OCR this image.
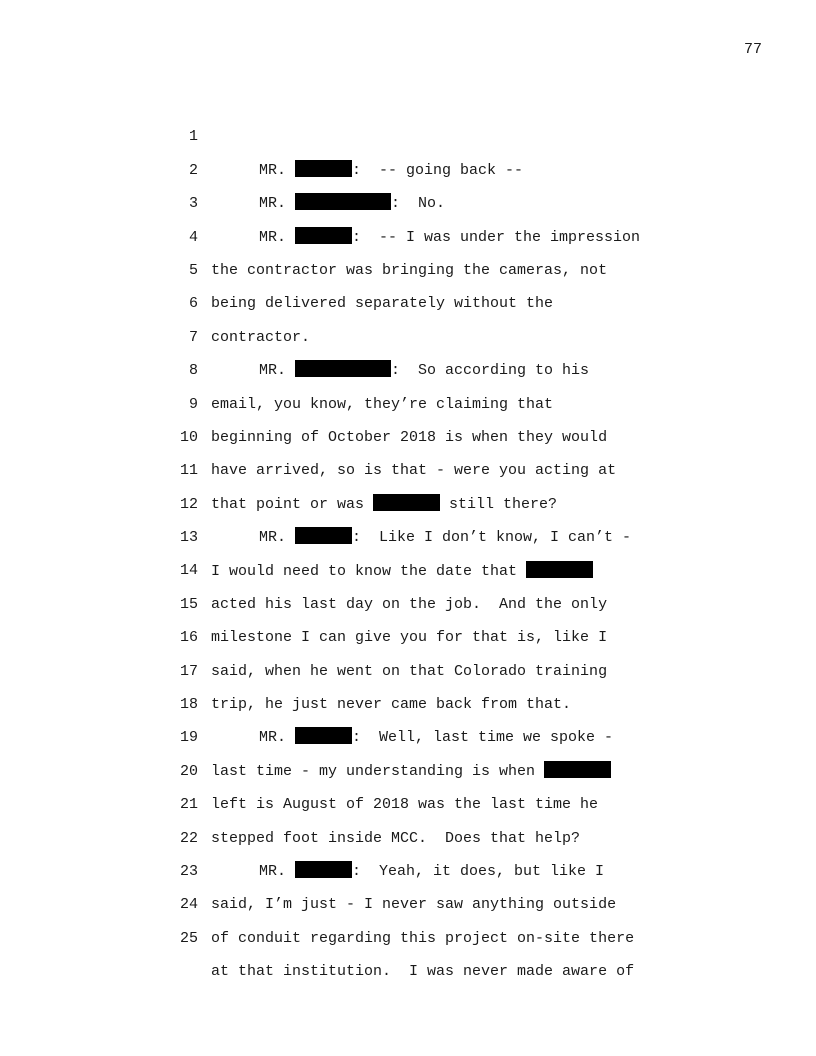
77

1

MR.	:  -- going back --

2

MR.	:  No.

3

MR.	:  -- I was under the impression

4

the contractor was bringing the cameras, not

5

being delivered separately without the

6

contractor.

7

MR.	:  So according to his

8

email, you know, they’re claiming that

9

beginning of October 2018 is when they would

10

have arrived, so is that - were you acting at

11

that point or was	still there?

12

MR.	:  Like I don’t know, I can’t -

13

I would need to know the date that

14

acted his last day on the job.  And the only

15

milestone I can give you for that is, like I

16

said, when he went on that Colorado training

17

trip, he just never came back from that.

18

MR.	:  Well, last time we spoke -

19

last time - my understanding is when

20

left is August of 2018 was the last time he

21

stepped foot inside MCC.  Does that help?

22

MR.	:  Yeah, it does, but like I

23

said, I’m just - I never saw anything outside

24

of conduit regarding this project on-site there

25

at that institution.  I was never made aware of
